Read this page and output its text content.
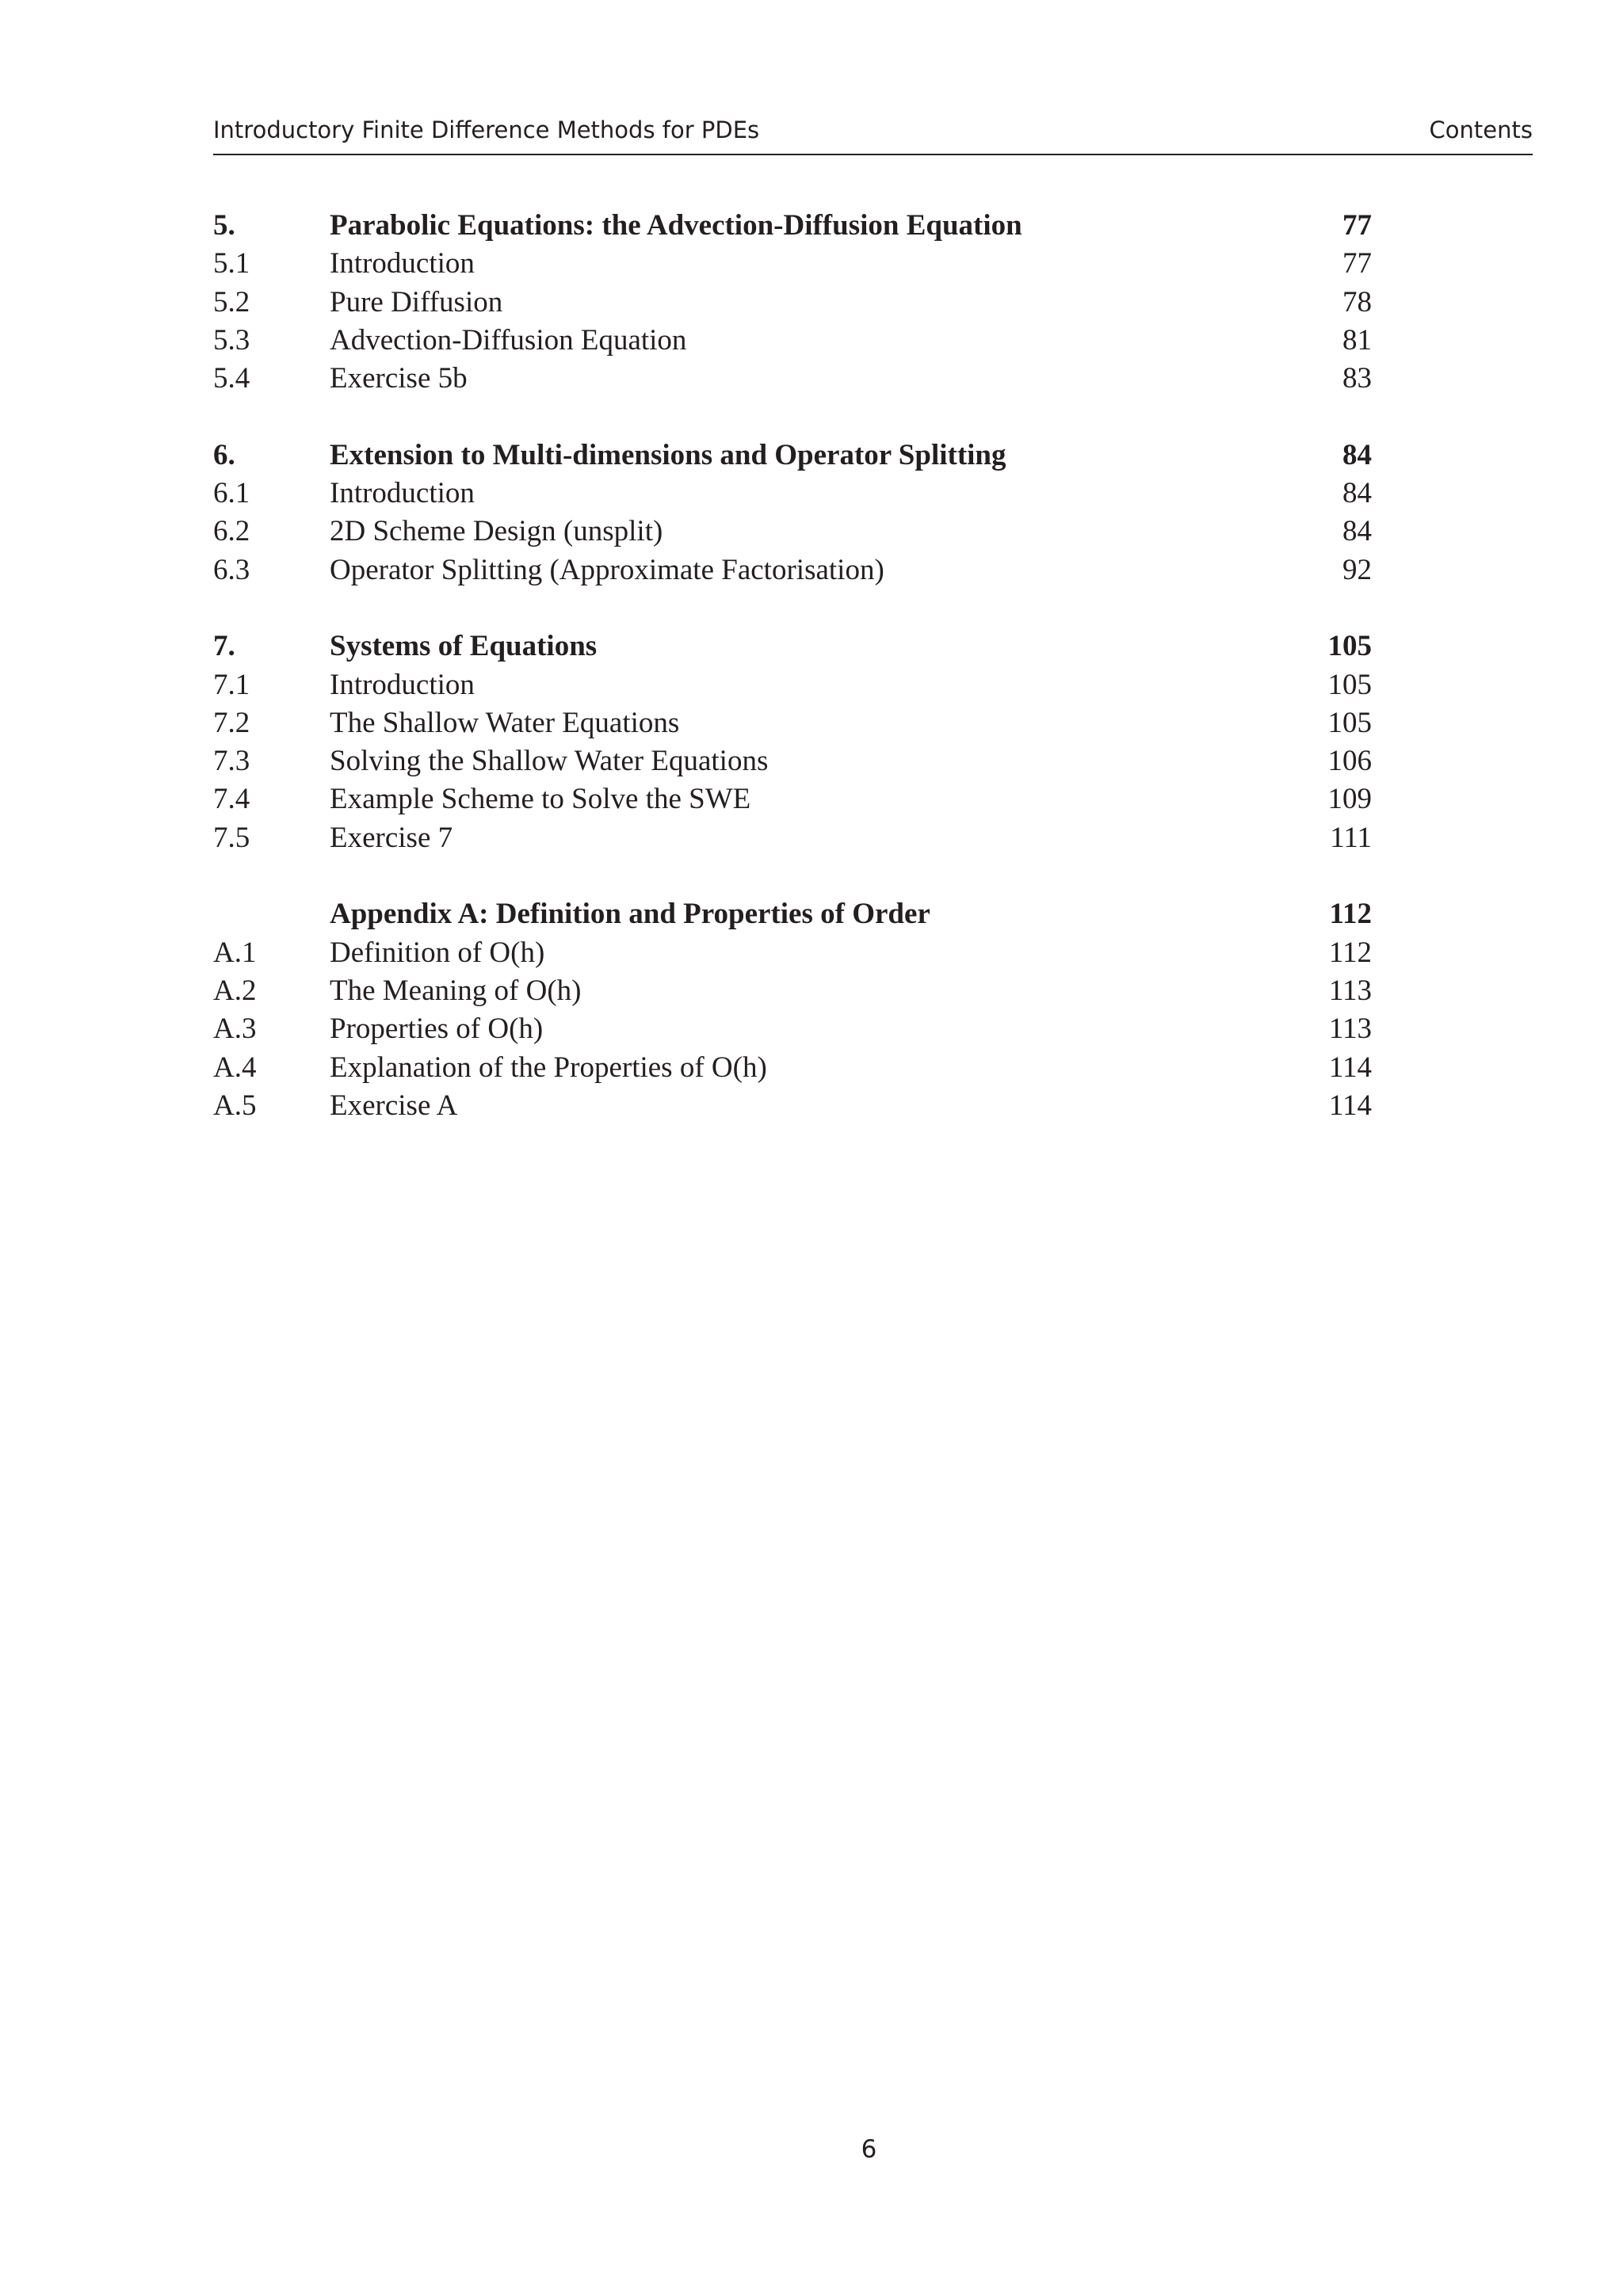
Introductory Finite Difference Methods for PDEs	Contents
5.	Parabolic Equations: the Advection-Diffusion Equation	77
5.1	Introduction	77
5.2	Pure Diffusion	78
5.3	Advection-Diffusion Equation	81
5.4	Exercise 5b	83
6.	Extension to Multi-dimensions and Operator Splitting	84
6.1	Introduction	84
6.2	2D Scheme Design (unsplit)	84
6.3	Operator Splitting (Approximate Factorisation)	92
7.	Systems of Equations	105
7.1	Introduction	105
7.2	The Shallow Water Equations	105
7.3	Solving the Shallow Water Equations	106
7.4	Example Scheme to Solve the SWE	109
7.5	Exercise 7	111
Appendix A: Definition and Properties of Order	112
A.1	Definition of O(h)	112
A.2	The Meaning of O(h)	113
A.3	Properties of O(h)	113
A.4	Explanation of the Properties of O(h)	114
A.5	Exercise A	114
6
